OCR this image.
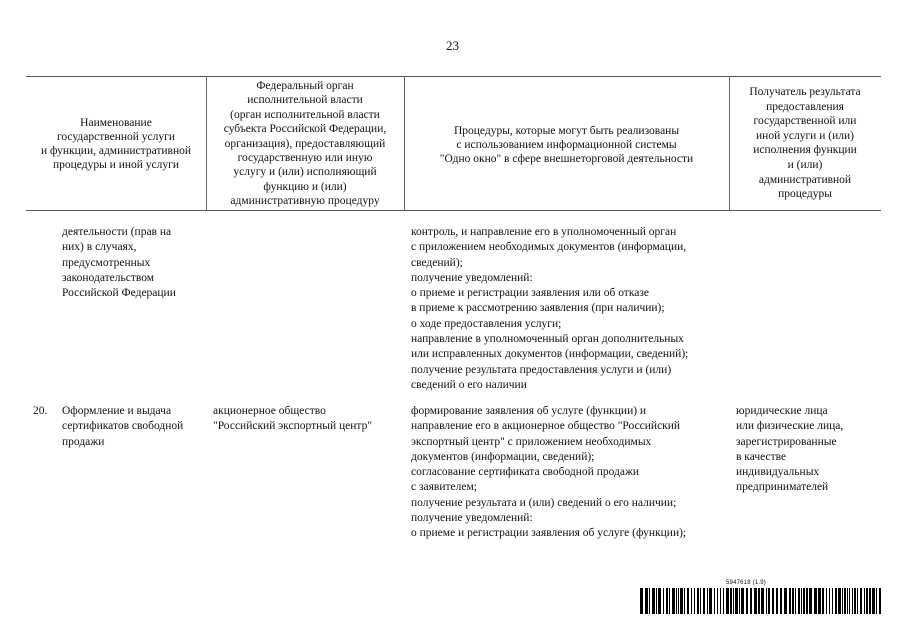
23
Наименование
государственной услуги
и функции, административной
процедуры и иной услуги
Федеральный орган
исполнительной власти
(орган исполнительной власти
субъекта Российской Федерации,
организация), предоставляющий
государственную или иную
услугу и (или) исполняющий
функцию и (или)
административную процедуру
Процедуры, которые могут быть реализованы
с использованием информационной системы
"Одно окно" в сфере внешнеторговой деятельности
Получатель результата
предоставления
государственной или
иной услуги и (или)
исполнения функции
и (или)
административной
процедуры
деятельности (прав на
них) в случаях,
предусмотренных
законодательством
Российской Федерации
контроль, и направление его в уполномоченный орган
с приложением необходимых документов (информации,
сведений);
получение уведомлений:
о приеме и регистрации заявления или об отказе
в приеме к рассмотрению заявления (при наличии);
о ходе предоставления услуги;
направление в уполномоченный орган дополнительных
или исправленных документов (информации, сведений);
получение результата предоставления услуги и (или)
сведений о его наличии
20. Оформление и выдача
сертификатов свободной
продажи
акционерное общество
"Российский экспортный центр"
формирование заявления об услуге (функции) и
направление его в акционерное общество "Российский
экспортный центр" с приложением необходимых
документов (информации, сведений);
согласование сертификата свободной продажи
с заявителем;
получение результата и (или) сведений о его наличии;
получение уведомлений:
о приеме и регистрации заявления об услуге (функции);
юридические лица
или физические лица,
зарегистрированные
в качестве
индивидуальных
предпринимателей
5947618 (1.9)
